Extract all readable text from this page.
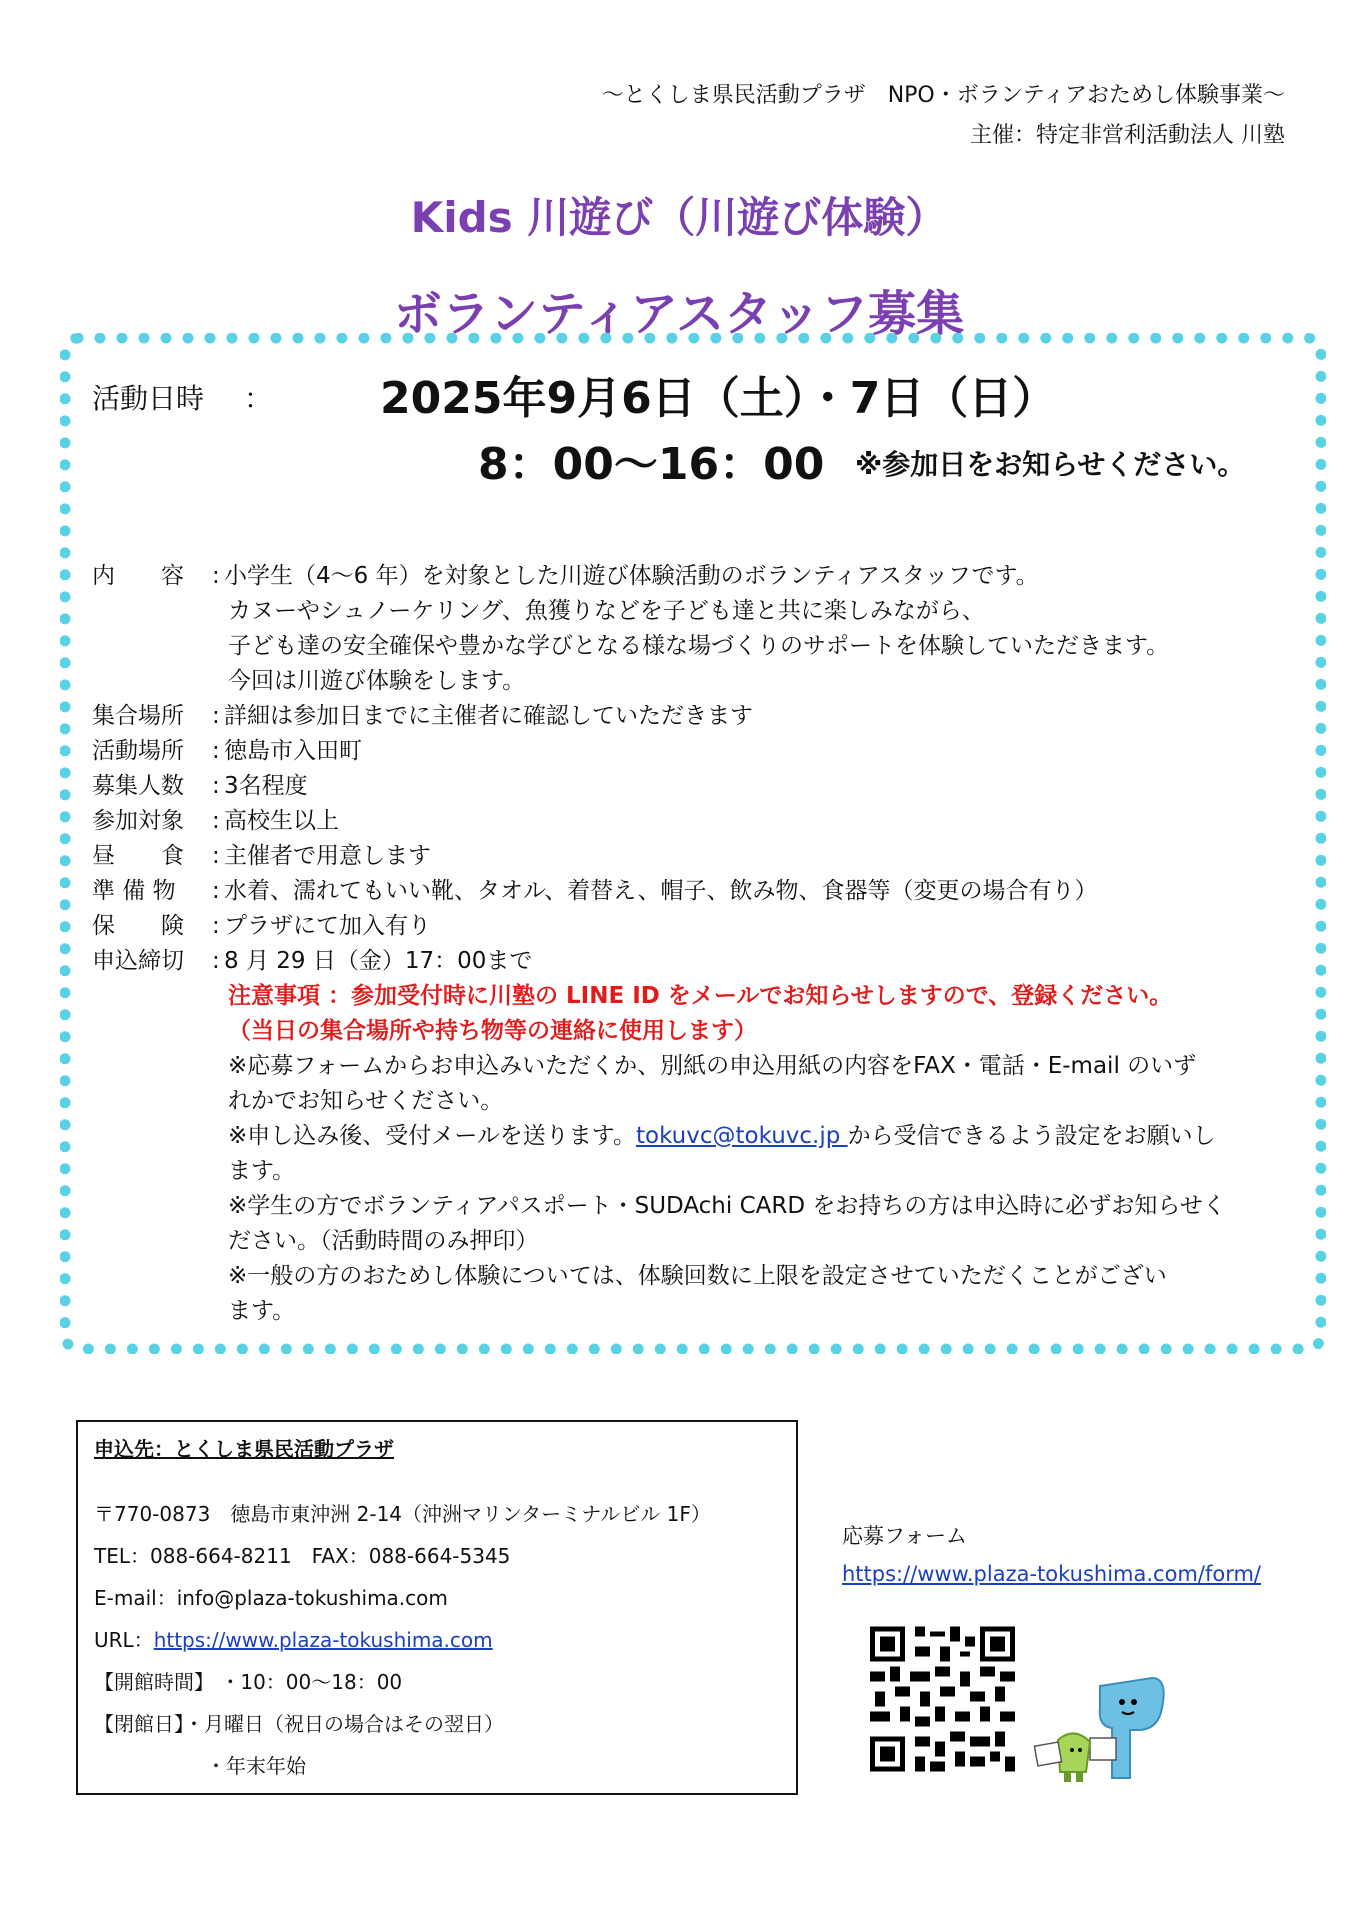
～とくしま県民活動プラザ　NPO・ボランティアおためし体験事業～
主催：特定非営利活動法人 川塾
Kids 川遊び（川遊び体験）
ボランティアスタッフ募集
活動日時 ： 2025年9月6日（土）・7日（日）
8：00～16：00 ※参加日をお知らせください。
内　　容 : 小学生（4～6 年）を対象とした川遊び体験活動のボランティアスタッフです。
カヌーやシュノーケリング、魚獲りなどを子ども達と共に楽しみながら、
子ども達の安全確保や豊かな学びとなる様な場づくりのサポートを体験していただきます。
今回は川遊び体験をします。
集合場所 : 詳細は参加日までに主催者に確認していただきます
活動場所 : 徳島市入田町
募集人数 : 3名程度
参加対象 : 高校生以上
昼　　食 : 主催者で用意します
準 備 物 : 水着、濡れてもいい靴、タオル、着替え、帽子、飲み物、食器等（変更の場合有り）
保　　険 : プラザにて加入有り
申込締切 : 8 月 29 日（金）17：00まで
注意事項 ：参加受付時に川塾の LINE ID をメールでお知らせしますので、登録ください。
（当日の集合場所や持ち物等の連絡に使用します）
※応募フォームからお申込みいただくか、別紙の申込用紙の内容をFAX・電話・E-mail のいず
れかでお知らせください。
※申し込み後、受付メールを送ります。tokuvc@tokuvc.jp から受信できるよう設定をお願いし
ます。
※学生の方でボランティアパスポート・SUDAchi CARD をお持ちの方は申込時に必ずお知らせく
ださい。（活動時間のみ押印）
※一般の方のおためし体験については、体験回数に上限を設定させていただくことがござい
ます。
申込先：とくしま県民活動プラザ
〒770-0873　徳島市東沖洲 2-14（沖洲マリンターミナルビル 1F）
TEL：088-664-8211　FAX：088-664-5345
E-mail：info@plaza-tokushima.com
URL：https://www.plaza-tokushima.com
【開館時間】 ・10：00～18：00
【閉館日】・月曜日（祝日の場合はその翌日）
・年末年始
応募フォーム
https://www.plaza-tokushima.com/form/
